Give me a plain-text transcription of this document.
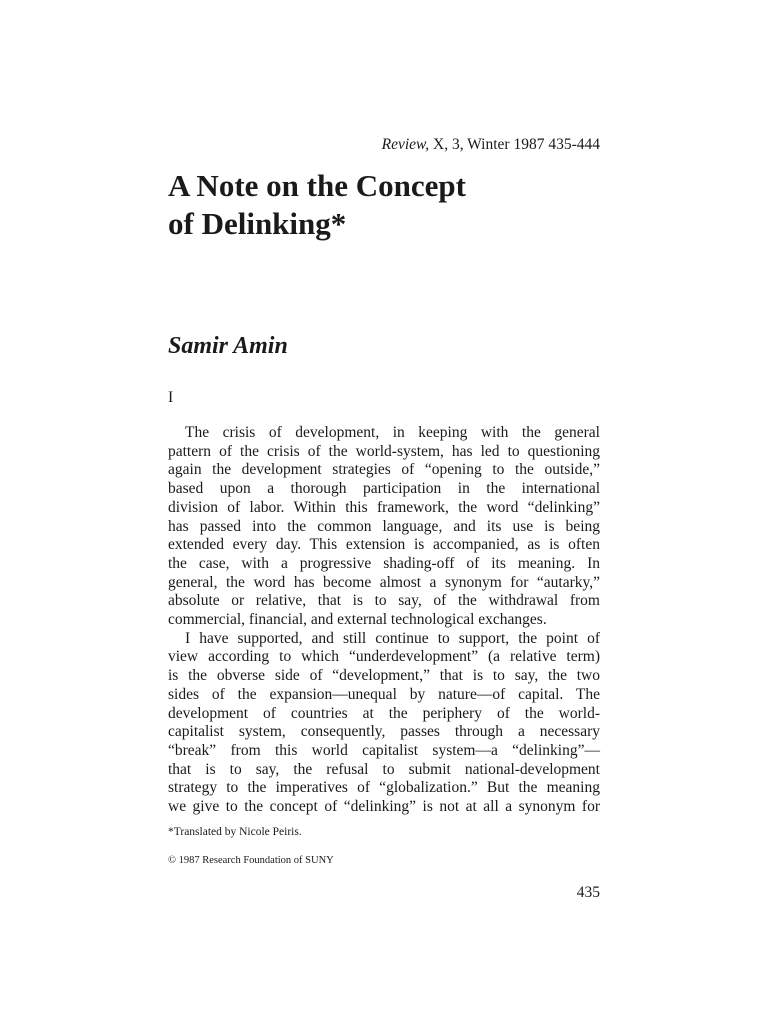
Review, X, 3, Winter 1987 435-444
A Note on the Concept
of Delinking*
Samir Amin
I
The crisis of development, in keeping with the general
pattern of the crisis of the world-system, has led to questioning
again the development strategies of “opening to the outside,”
based upon a thorough participation in the international
division of labor. Within this framework, the word “delinking”
has passed into the common language, and its use is being
extended every day. This extension is accompanied, as is often
the case, with a progressive shading-off of its meaning. In
general, the word has become almost a synonym for “autarky,”
absolute or relative, that is to say, of the withdrawal from
commercial, financial, and external technological exchanges.
I have supported, and still continue to support, the point of
view according to which “underdevelopment” (a relative term)
is the obverse side of “development,” that is to say, the two
sides of the expansion—unequal by nature—of capital. The
development of countries at the periphery of the world-
capitalist system, consequently, passes through a necessary
“break” from this world capitalist system—a “delinking”—
that is to say, the refusal to submit national-development
strategy to the imperatives of “globalization.” But the meaning
we give to the concept of “delinking” is not at all a synonym for
*Translated by Nicole Peiris.
© 1987 Research Foundation of SUNY
435
